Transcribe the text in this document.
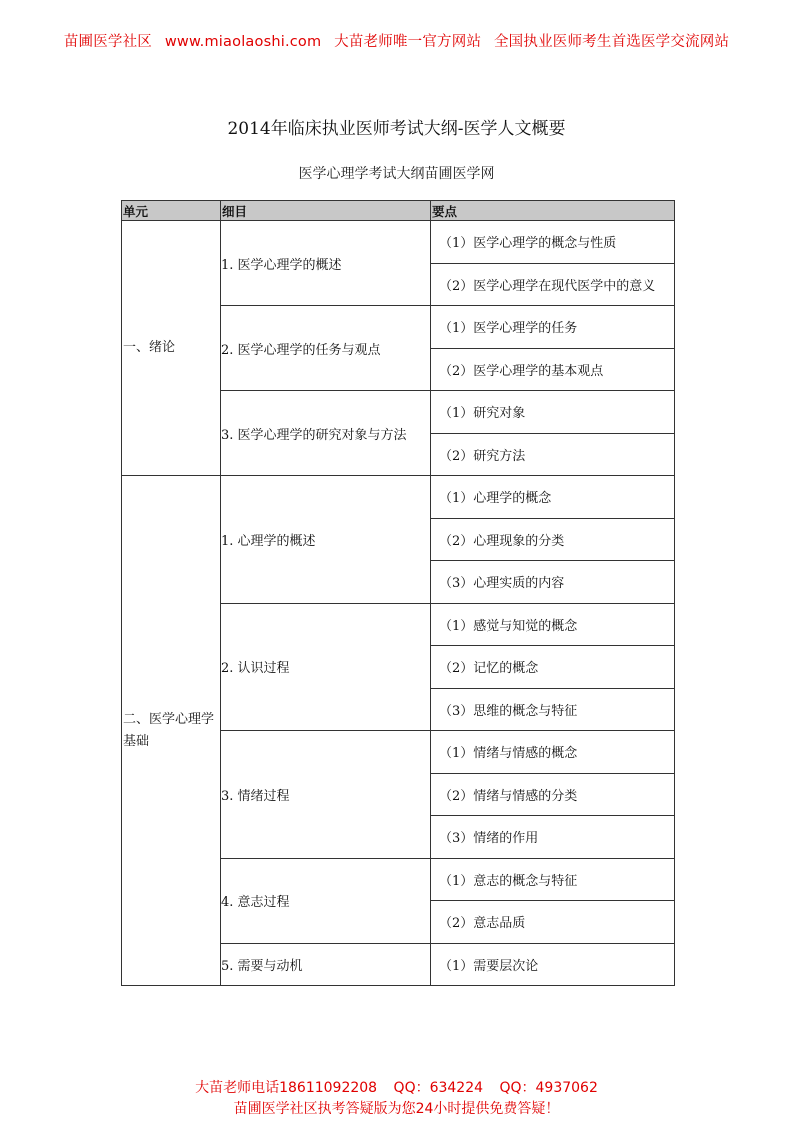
苗圃医学社区 www.miaolaoshi.com 大苗老师唯一官方网站 全国执业医师考生首选医学交流网站
2014年临床执业医师考试大纲-医学人文概要
医学心理学考试大纲苗圃医学网
单元	细目	要点

一、绪论	1. 医学心理学的概述	（1）医学心理学的概念与性质
		（2）医学心理学在现代医学中的意义
	2. 医学心理学的任务与观点	（1）医学心理学的任务
		（2）医学心理学的基本观点
	3. 医学心理学的研究对象与方法	（1）研究对象
		（2）研究方法

二、医学心理学基础	1. 心理学的概述	（1）心理学的概念
		（2）心理现象的分类
		（3）心理实质的内容
	2. 认识过程	（1）感觉与知觉的概念
		（2）记忆的概念
		（3）思维的概念与特征
	3. 情绪过程	（1）情绪与情感的概念
		（2）情绪与情感的分类
		（3）情绪的作用
	4. 意志过程	（1）意志的概念与特征
		（2）意志品质
	5. 需要与动机	（1）需要层次论
大苗老师电话18611092208 QQ：634224 QQ：4937062
苗圃医学社区执考答疑版为您24小时提供免费答疑！
